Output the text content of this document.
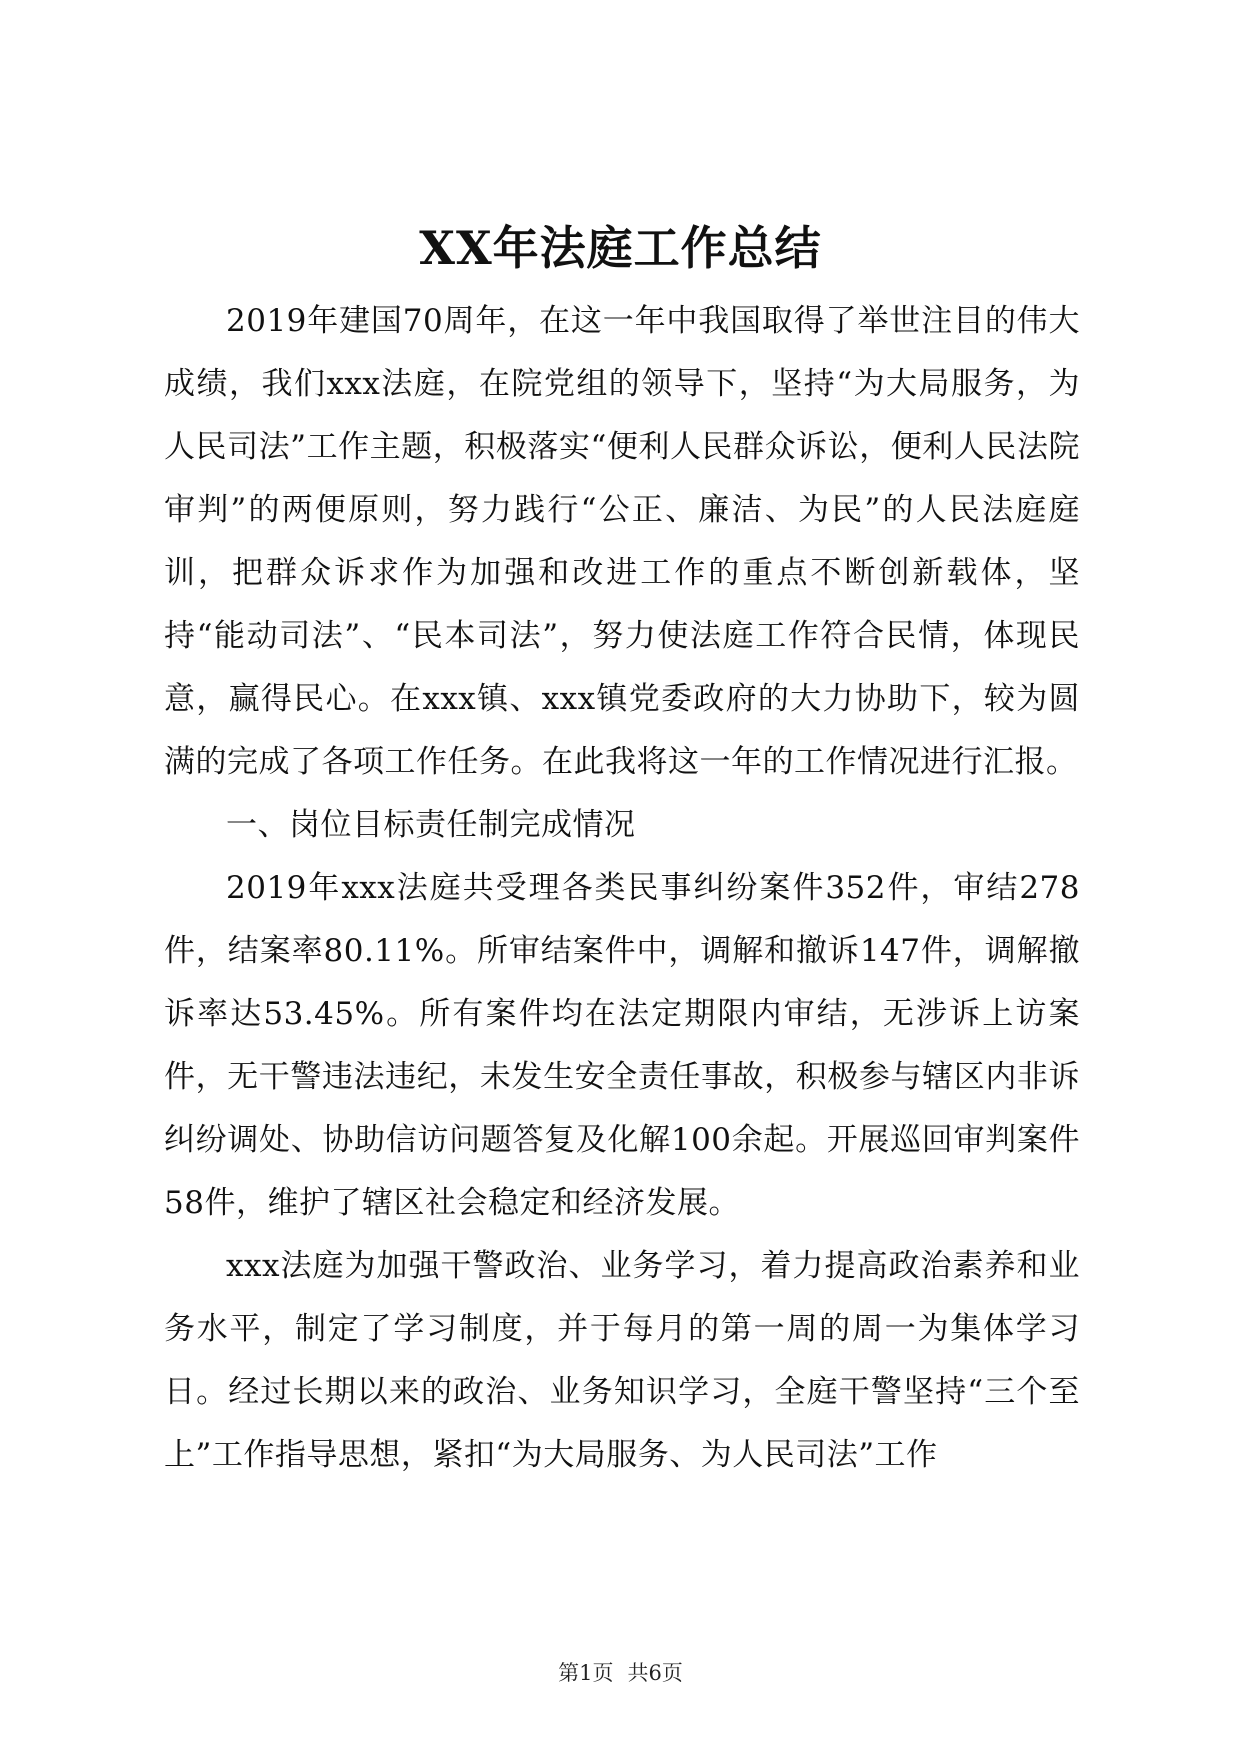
XX年法庭工作总结

2019年建国70周年，在这一年中我国取得了举世注目的伟大成绩，我们xxx法庭，在院党组的领导下，坚持“为大局服务，为人民司法”工作主题，积极落实“便利人民群众诉讼，便利人民法院审判”的两便原则，努力践行“公正、廉洁、为民”的人民法庭庭训，把群众诉求作为加强和改进工作的重点不断创新载体，坚持“能动司法”、“民本司法”，努力使法庭工作符合民情，体现民意，赢得民心。在xxx镇、xxx镇党委政府的大力协助下，较为圆满的完成了各项工作任务。在此我将这一年的工作情况进行汇报。

一、岗位目标责任制完成情况

2019年xxx法庭共受理各类民事纠纷案件352件，审结278件，结案率80.11%。所审结案件中，调解和撤诉147件，调解撤诉率达53.45%。所有案件均在法定期限内审结，无涉诉上访案件，无干警违法违纪，未发生安全责任事故，积极参与辖区内非诉纠纷调处、协助信访问题答复及化解100余起。开展巡回审判案件58件，维护了辖区社会稳定和经济发展。

xxx法庭为加强干警政治、业务学习，着力提高政治素养和业务水平，制定了学习制度，并于每月的第一周的周一为集体学习日。经过长期以来的政治、业务知识学习，全庭干警坚持“三个至上”工作指导思想，紧扣“为大局服务、为人民司法”工作

第1页 共6页
